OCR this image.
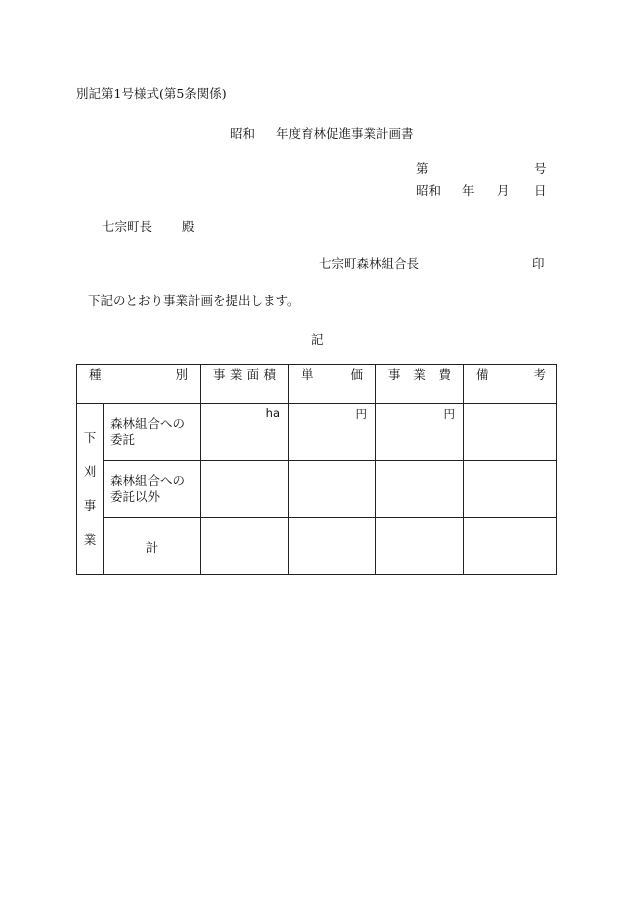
別記第1号様式(第5条関係)
昭和 年度育林促進事業計画書
第	号
昭和 年 月 日
七宗町長 殿
七宗町森林組合長	印
下記のとおり事業計画を提出します。
記
種 別		事 業 面 積	単 価	事 業 費	備 考

下
刈
事
業	森林組合への委託	ha	円	円	

	森林組合への委託以外				

	計				
